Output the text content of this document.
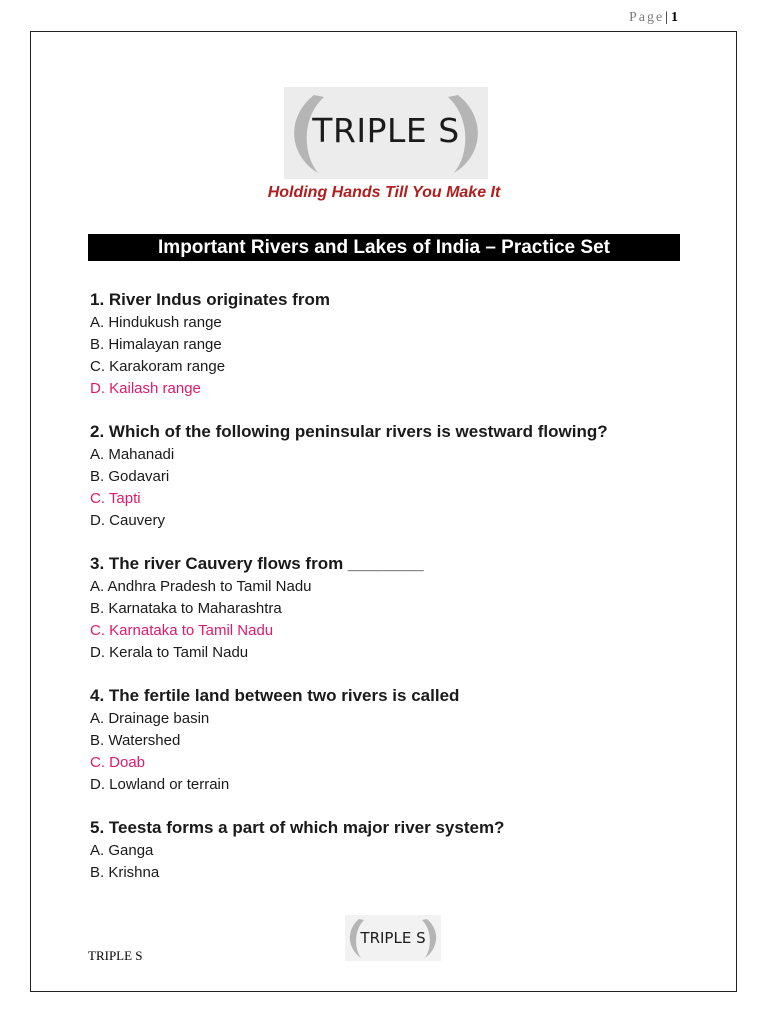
Page| 1
TRIPLE S
Holding Hands Till You Make It
Important Rivers and Lakes of India – Practice Set
1. River Indus originates from
A. Hindukush range
B. Himalayan range
C. Karakoram range
D. Kailash range
2. Which of the following peninsular rivers is westward flowing?
A. Mahanadi
B. Godavari
C. Tapti
D. Cauvery
3. The river Cauvery flows from ________
A. Andhra Pradesh to Tamil Nadu
B. Karnataka to Maharashtra
C. Karnataka to Tamil Nadu
D. Kerala to Tamil Nadu
4. The fertile land between two rivers is called
A. Drainage basin
B. Watershed
C. Doab
D. Lowland or terrain
5. Teesta forms a part of which major river system?
A. Ganga
B. Krishna
TRIPLE S
TRIPLE S
